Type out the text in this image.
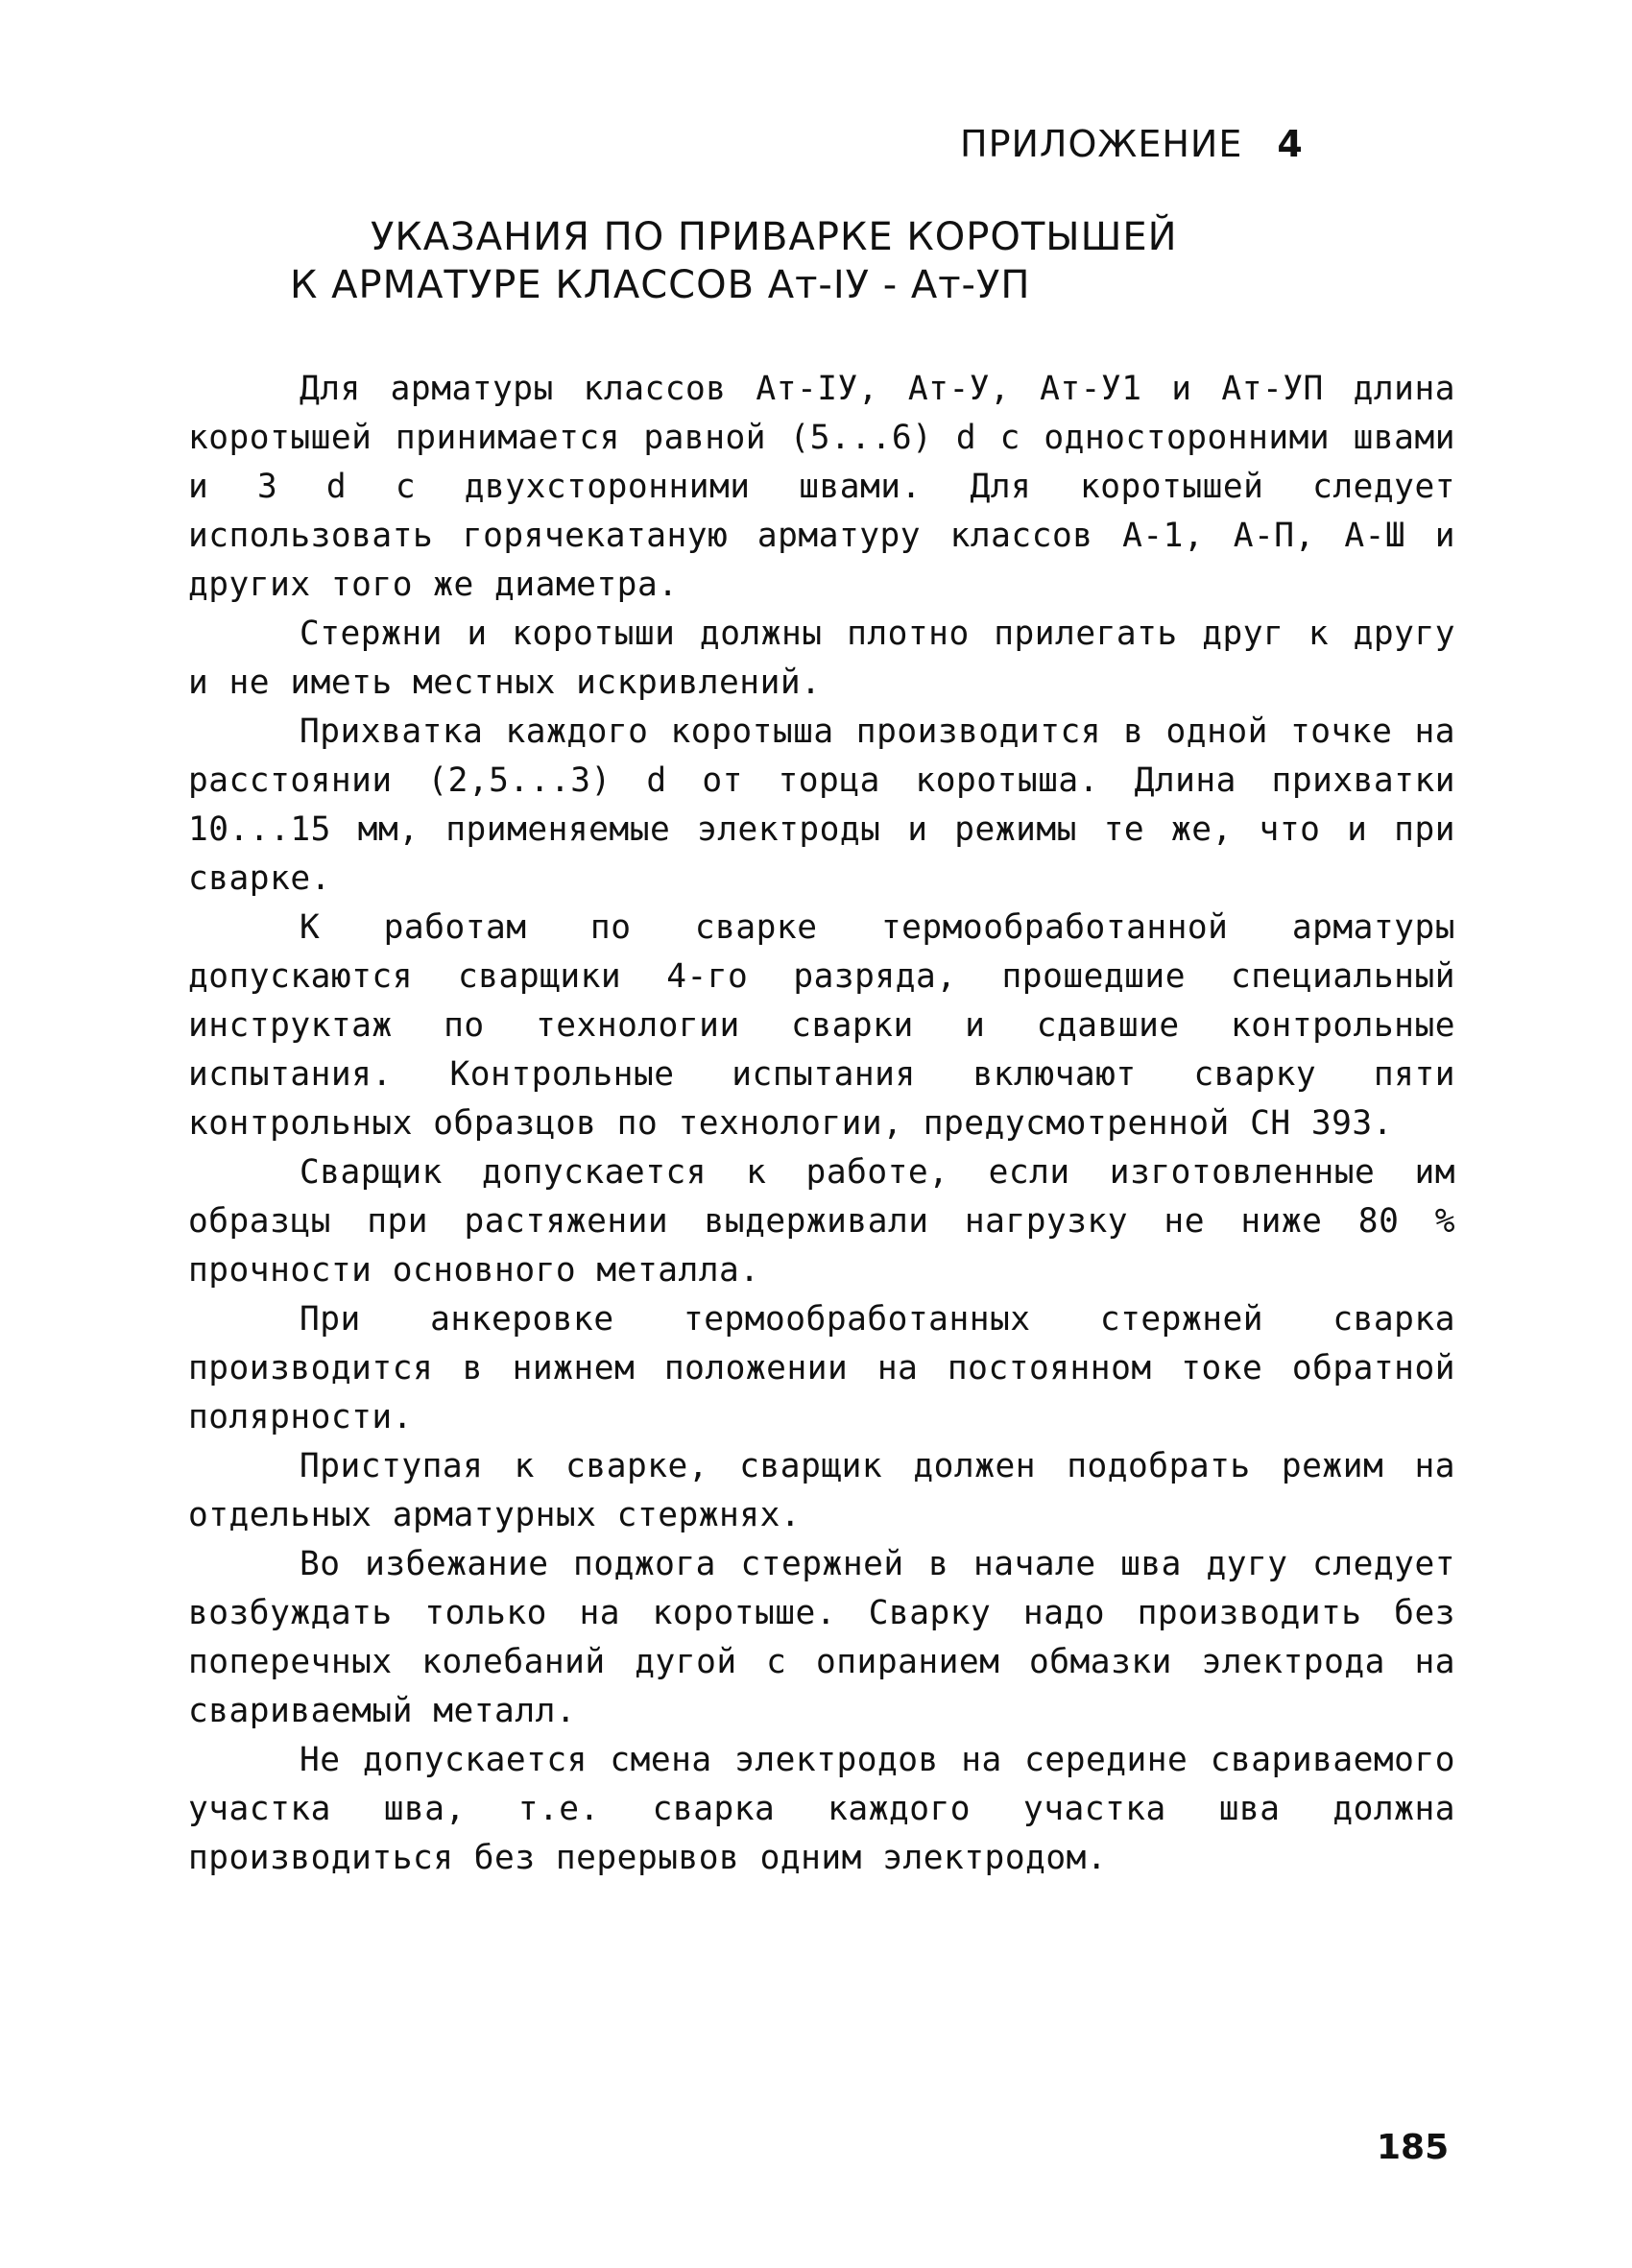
ПРИЛОЖЕНИЕ 4
УКАЗАНИЯ ПО ПРИВАРКЕ КОРОТЫШЕЙ
К АРМАТУРЕ КЛАССОВ Ат-IУ - Ат-УП

Для арматуры классов Ат-IУ, Ат-У, Ат-У1 и Ат-УП длина коротышей принимается равной (5...6) d с односторонними швами и 3 d с двухсторонними швами. Для коротышей следует использовать горячекатаную арматуру классов А-1, А-П, А-Ш и других того же диаметра.

Стержни и коротыши должны плотно прилегать друг к другу и не иметь местных искривлений.

Прихватка каждого коротыша производится в одной точке на расстоянии (2,5...3) d от торца коротыша. Длина прихватки 10...15 мм, применяемые электроды и режимы те же, что и при сварке.

К работам по сварке термообработанной арматуры допускаются сварщики 4-го разряда, прошедшие специальный инструктаж по технологии сварки и сдавшие контрольные испытания. Контрольные испытания включают сварку пяти контрольных образцов по технологии, предусмотренной СН 393.

Сварщик допускается к работе, если изготовленные им образцы при растяжении выдерживали нагрузку не ниже 80 % прочности основного металла.

При анкеровке термообработанных стержней сварка производится в нижнем положении на постоянном токе обратной полярности.

Приступая к сварке, сварщик должен подобрать режим на отдельных арматурных стержнях.

Во избежание поджога стержней в начале шва дугу следует возбуждать только на коротыше. Сварку надо производить без поперечных колебаний дугой с опиранием обмазки электрода на свариваемый металл.

Не допускается смена электродов на середине свариваемого участка шва, т.е. сварка каждого участка шва должна производиться без перерывов одним электродом.

185
